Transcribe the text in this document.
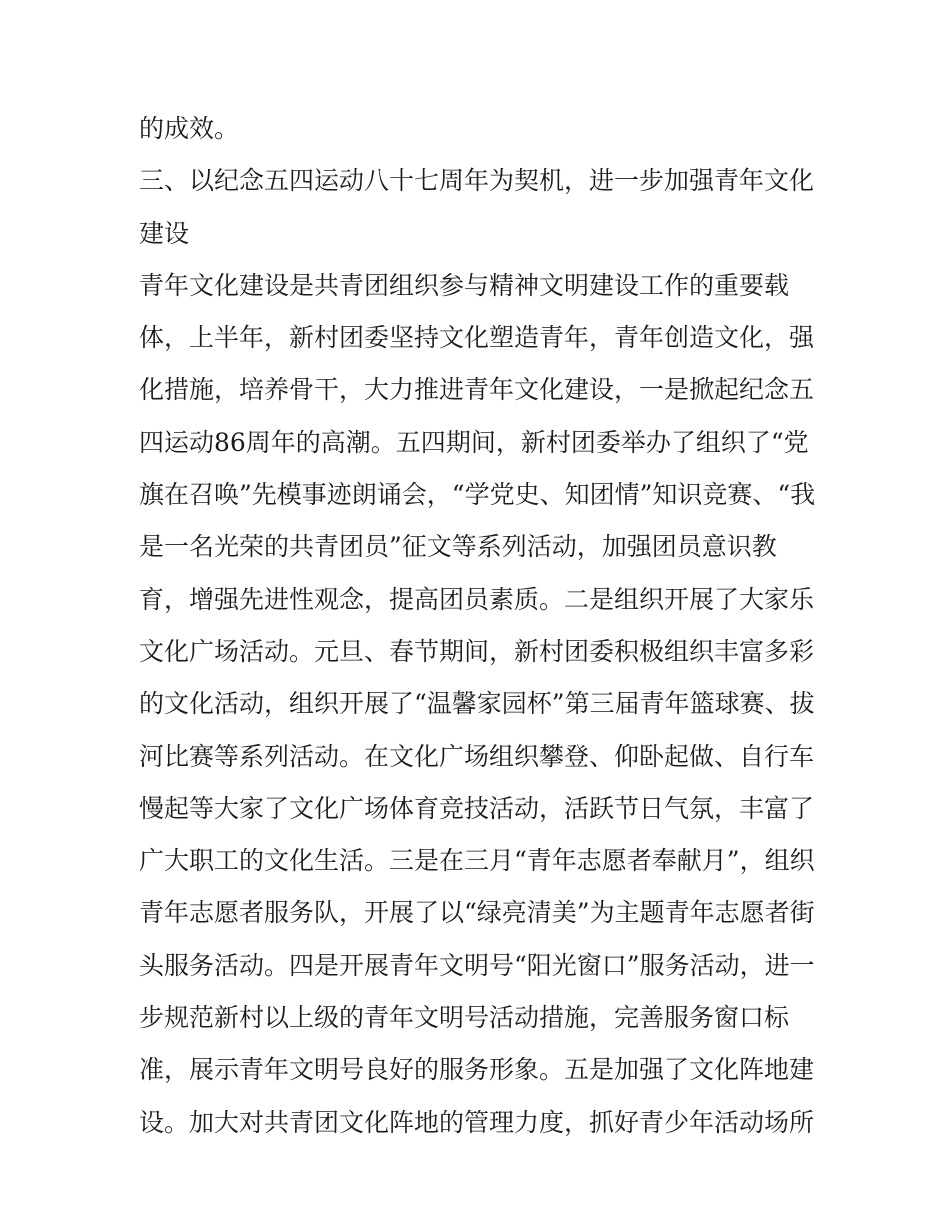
的成效。
三、以纪念五四运动八十七周年为契机，进一步加强青年文化
建设
青年文化建设是共青团组织参与精神文明建设工作的重要载
体，上半年，新村团委坚持文化塑造青年，青年创造文化，强
化措施，培养骨干，大力推进青年文化建设，一是掀起纪念五
四运动86周年的高潮。五四期间，新村团委举办了组织了“党
旗在召唤”先模事迹朗诵会，“学党史、知团情”知识竞赛、“我
是一名光荣的共青团员”征文等系列活动，加强团员意识教
育，增强先进性观念，提高团员素质。二是组织开展了大家乐
文化广场活动。元旦、春节期间，新村团委积极组织丰富多彩
的文化活动，组织开展了“温馨家园杯”第三届青年篮球赛、拔
河比赛等系列活动。在文化广场组织攀登、仰卧起做、自行车
慢起等大家了文化广场体育竞技活动，活跃节日气氛，丰富了
广大职工的文化生活。三是在三月“青年志愿者奉献月”，组织
青年志愿者服务队，开展了以“绿亮清美”为主题青年志愿者街
头服务活动。四是开展青年文明号“阳光窗口”服务活动，进一
步规范新村以上级的青年文明号活动措施，完善服务窗口标
准，展示青年文明号良好的服务形象。五是加强了文化阵地建
设。加大对共青团文化阵地的管理力度，抓好青少年活动场所
